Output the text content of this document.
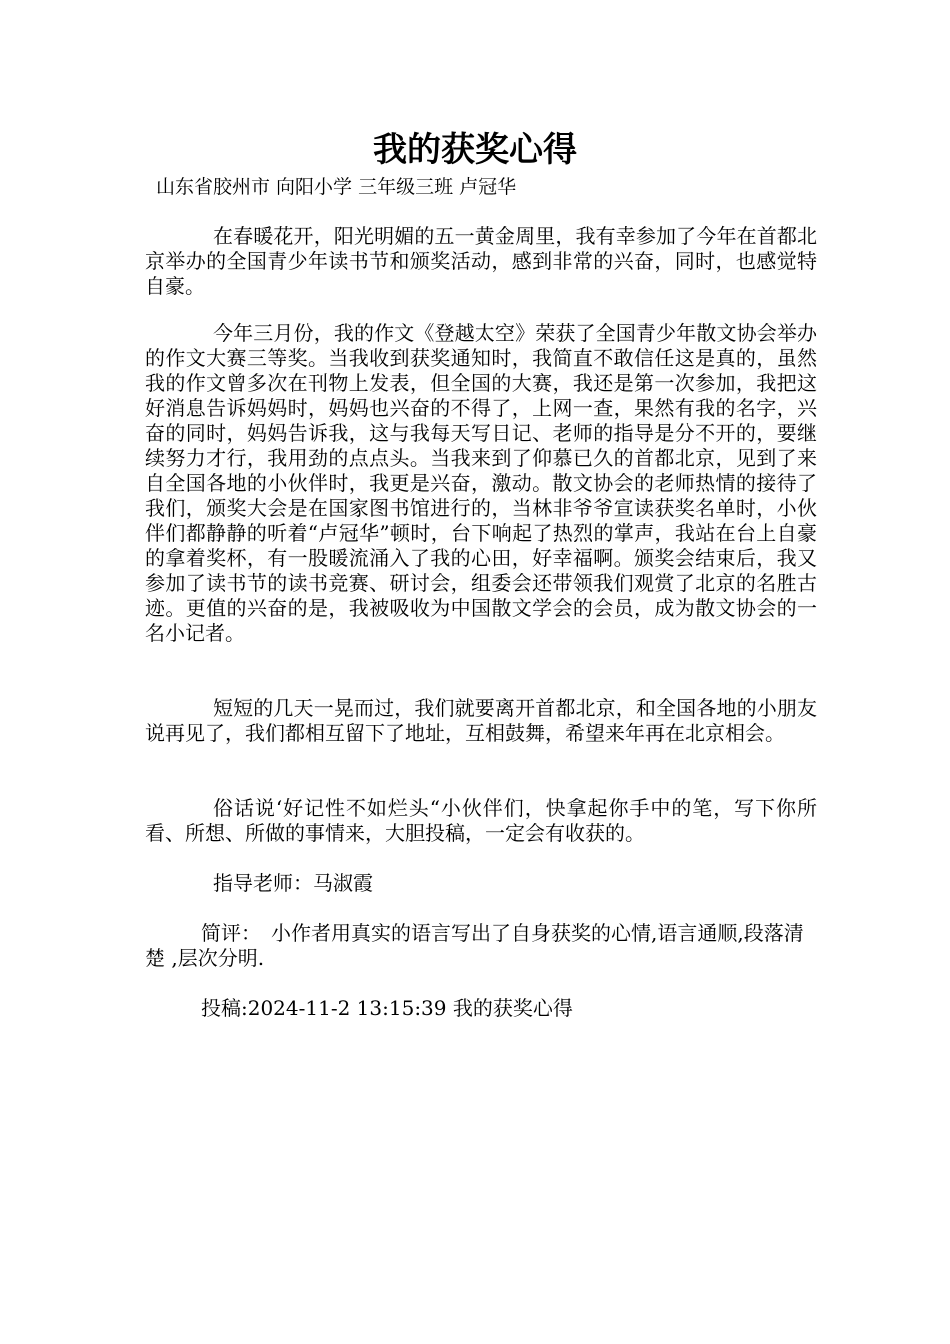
我的获奖心得

山东省胶州市 向阳小学 三年级三班 卢冠华

在春暖花开，阳光明媚的五一黄金周里，我有幸参加了今年在首都北京举办的全国青少年读书节和颁奖活动，感到非常的兴奋，同时，也感觉特自豪。

今年三月份，我的作文《登越太空》荣获了全国青少年散文协会举办的作文大赛三等奖。当我收到获奖通知时，我简直不敢信任这是真的，虽然我的作文曾多次在刊物上发表，但全国的大赛，我还是第一次参加，我把这好消息告诉妈妈时，妈妈也兴奋的不得了，上网一查，果然有我的名字，兴奋的同时，妈妈告诉我，这与我每天写日记、老师的指导是分不开的，要继续努力才行，我用劲的点点头。当我来到了仰慕已久的首都北京，见到了来自全国各地的小伙伴时，我更是兴奋，激动。散文协会的老师热情的接待了我们，颁奖大会是在国家图书馆进行的，当林非爷爷宣读获奖名单时，小伙伴们都静静的听着“卢冠华”顿时，台下响起了热烈的掌声，我站在台上自豪的拿着奖杯，有一股暖流涌入了我的心田，好幸福啊。颁奖会结束后，我又参加了读书节的读书竞赛、研讨会，组委会还带领我们观赏了北京的名胜古迹。更值的兴奋的是，我被吸收为中国散文学会的会员，成为散文协会的一名小记者。

短短的几天一晃而过，我们就要离开首都北京，和全国各地的小朋友说再见了，我们都相互留下了地址，互相鼓舞，希望来年再在北京相会。

俗话说‘好记性不如烂头“小伙伴们，快拿起你手中的笔，写下你所看、所想、所做的事情来，大胆投稿，一定会有收获的。

指导老师：马淑霞

简评：　小作者用真实的语言写出了自身获奖的心情,语言通顺,段落清楚 ,层次分明.

投稿:2024-11-2 13:15:39 我的获奖心得
